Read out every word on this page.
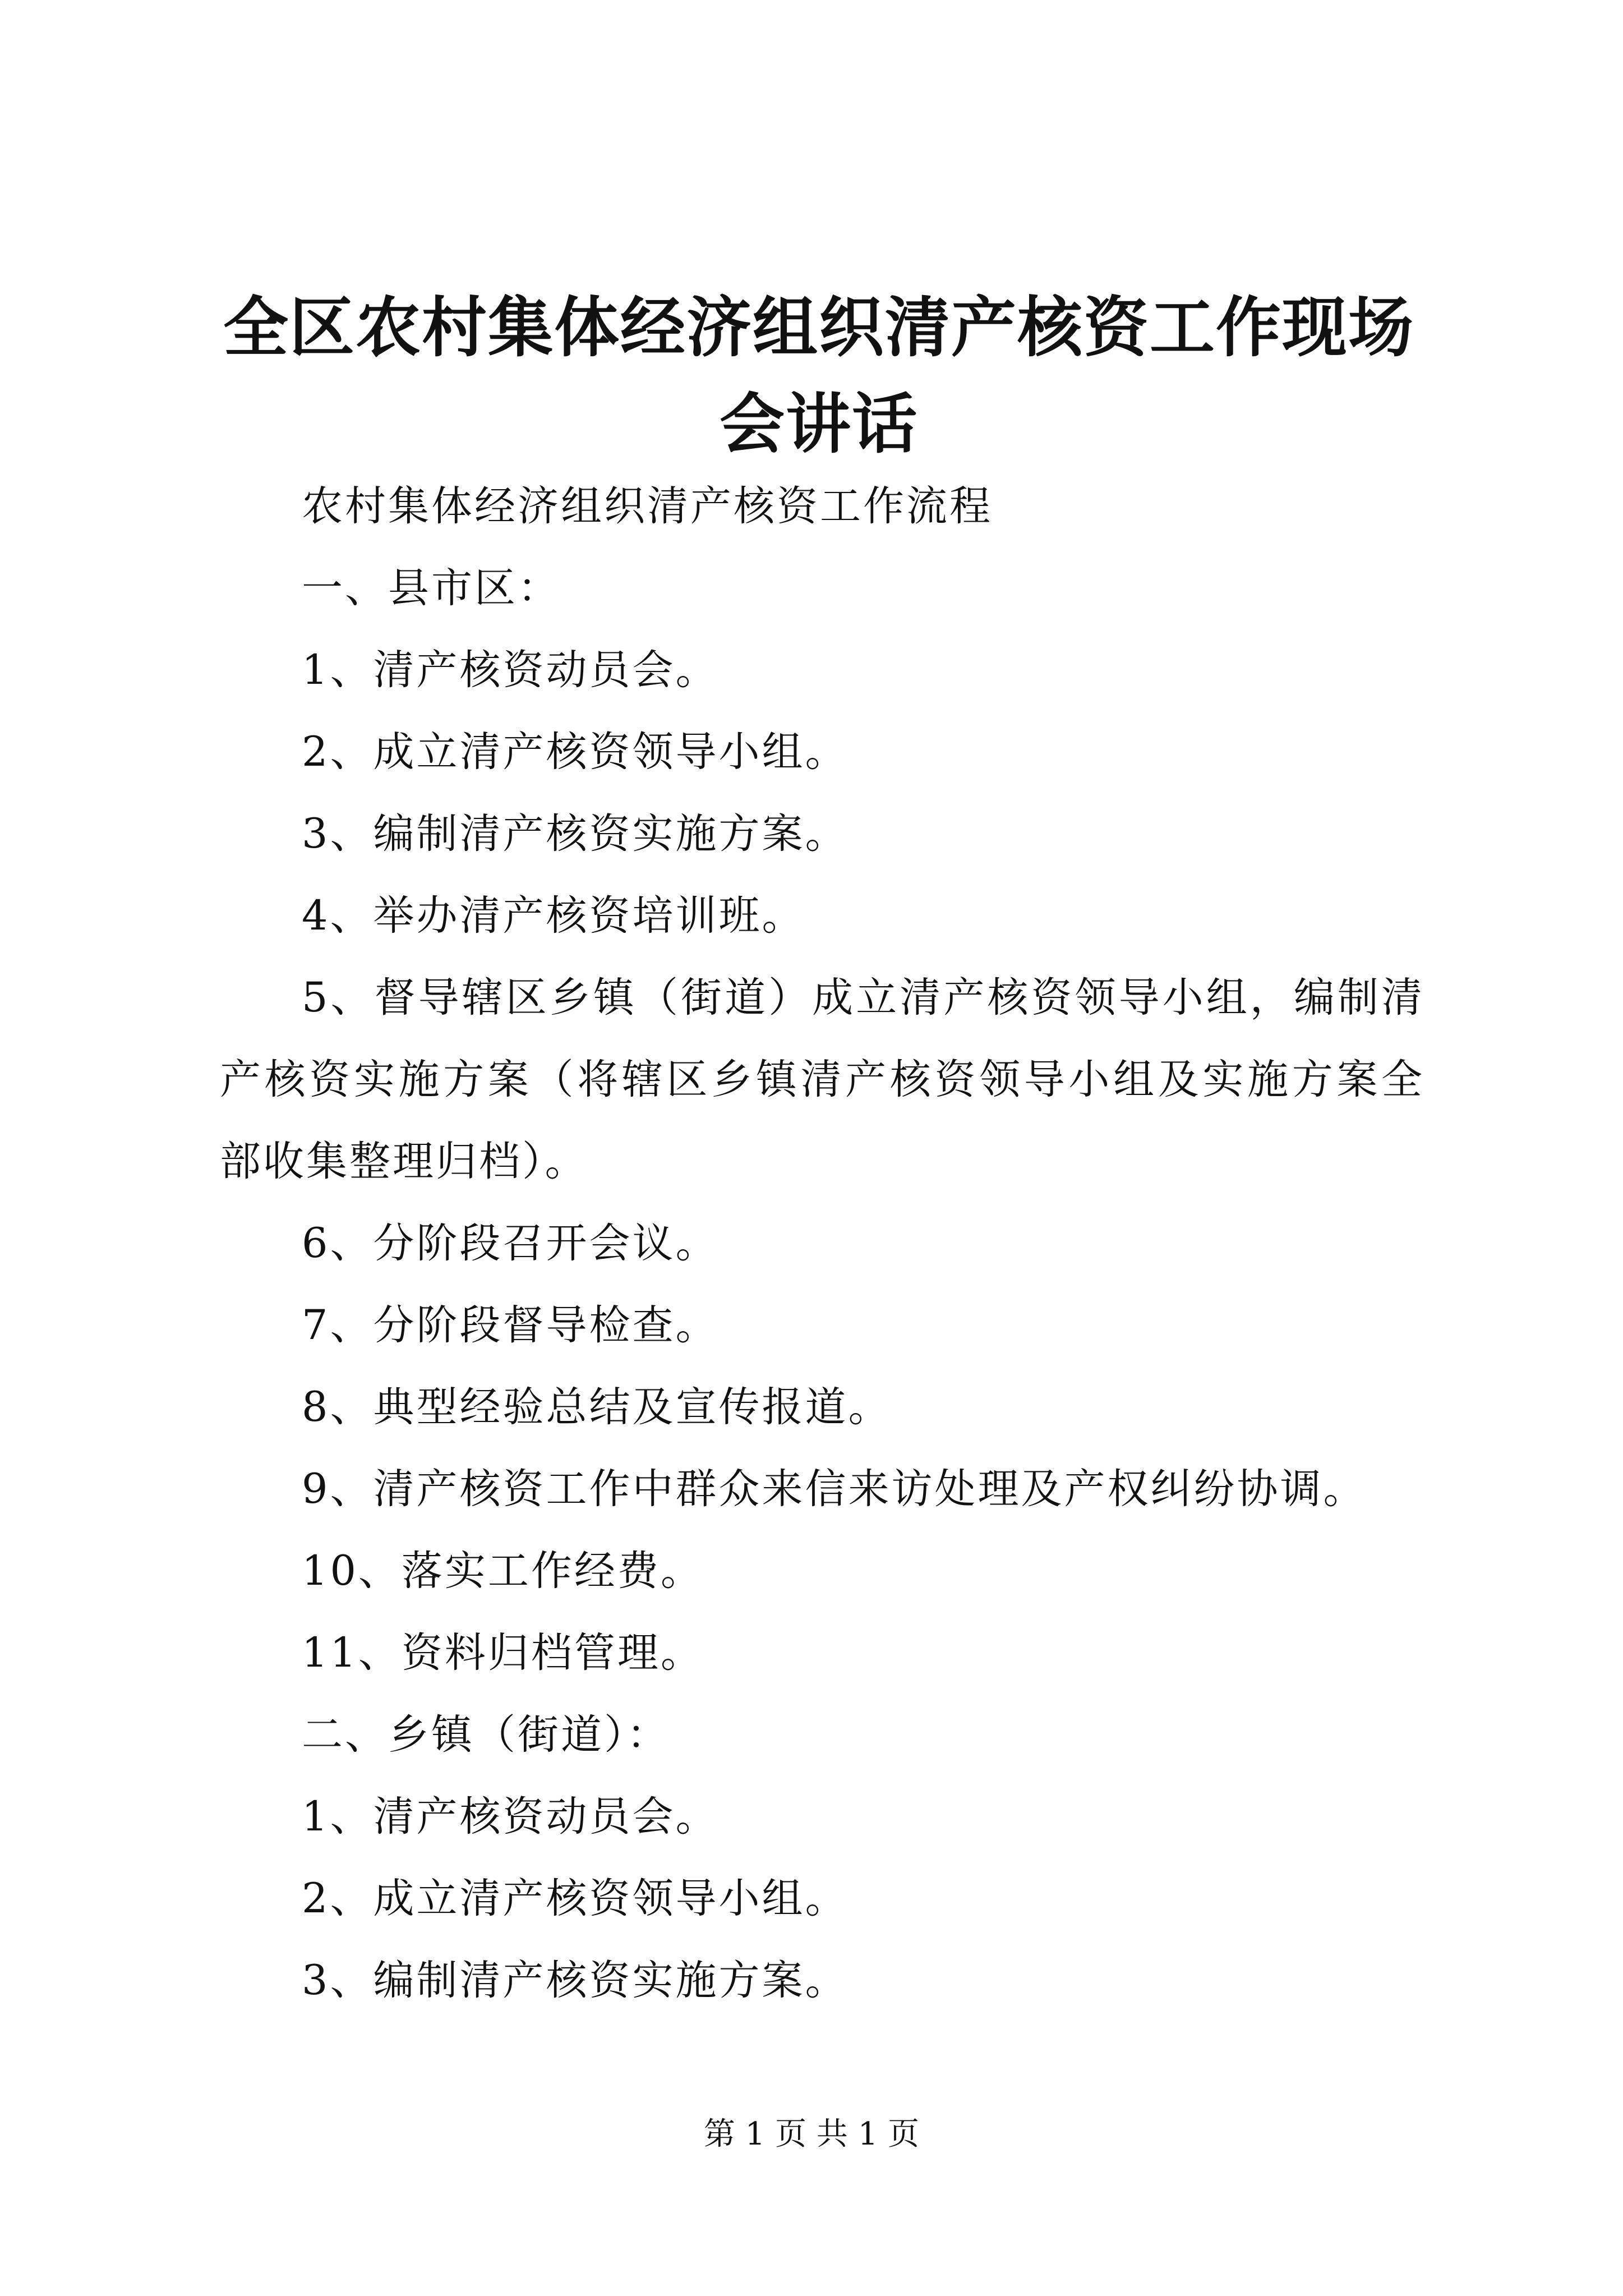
全区农村集体经济组织清产核资工作现场会讲话

农村集体经济组织清产核资工作流程

一、县市区：

1、清产核资动员会。

2、成立清产核资领导小组。

3、编制清产核资实施方案。

4、举办清产核资培训班。

5、督导辖区乡镇（街道）成立清产核资领导小组，编制清产核资实施方案（将辖区乡镇清产核资领导小组及实施方案全部收集整理归档）。

6、分阶段召开会议。

7、分阶段督导检查。

8、典型经验总结及宣传报道。

9、清产核资工作中群众来信来访处理及产权纠纷协调。

10、落实工作经费。

11、资料归档管理。

二、乡镇（街道）：

1、清产核资动员会。

2、成立清产核资领导小组。

3、编制清产核资实施方案。

第 1 页 共 1 页
